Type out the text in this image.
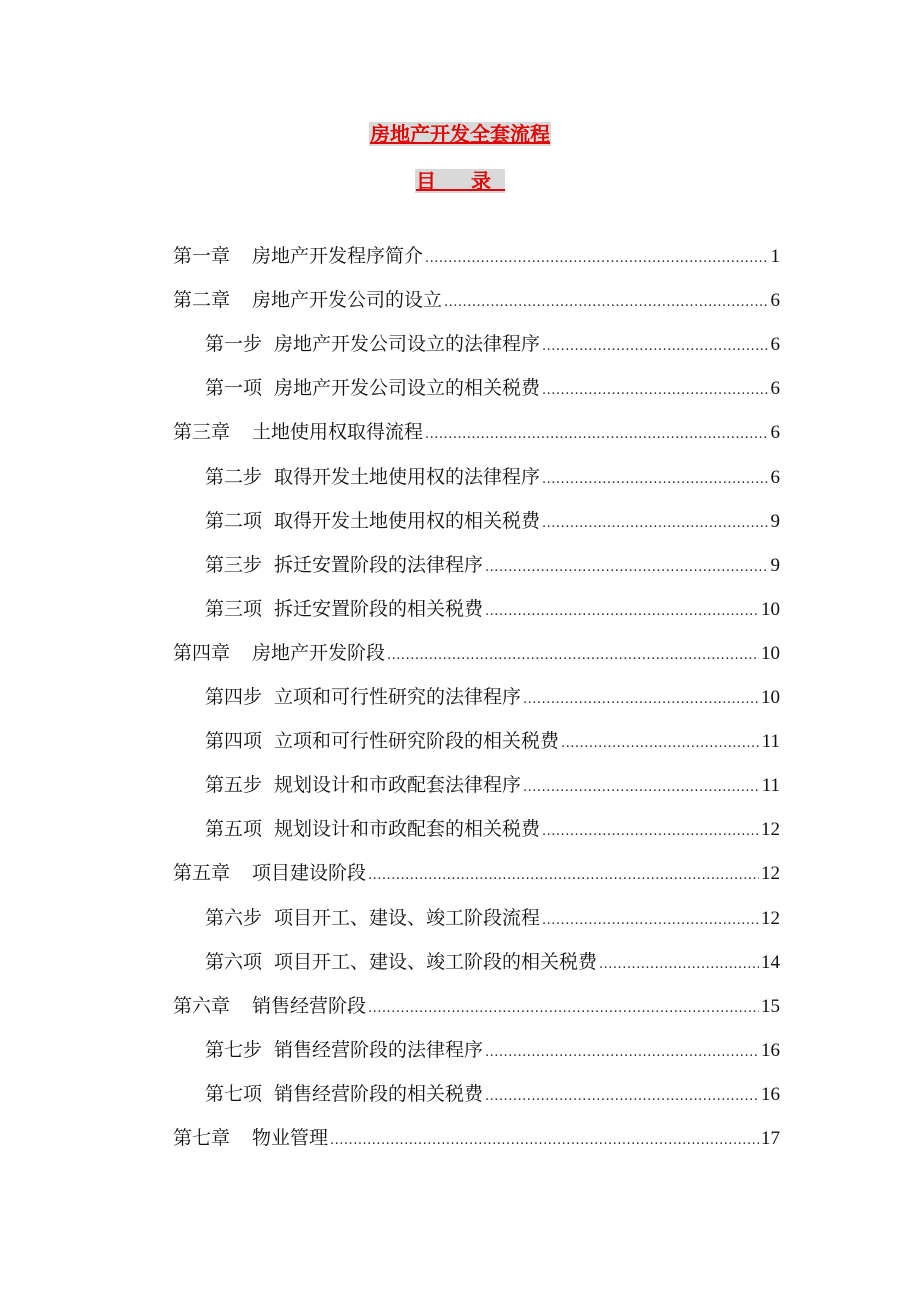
房地产开发全套流程
目 录
第一章 房地产开发程序简介 .....	1
第二章 房地产开发公司的设立 .....	6
第一步 房地产开发公司设立的法律程序 .....	6
第一项 房地产开发公司设立的相关税费 .....	6
第三章 土地使用权取得流程 .....	6
第二步 取得开发土地使用权的法律程序 .....	6
第二项 取得开发土地使用权的相关税费 .....	9
第三步 拆迁安置阶段的法律程序 .....	9
第三项 拆迁安置阶段的相关税费 .....	10
第四章 房地产开发阶段 .....	10
第四步 立项和可行性研究的法律程序 .....	10
第四项 立项和可行性研究阶段的相关税费 .....	11
第五步 规划设计和市政配套法律程序 .....	11
第五项 规划设计和市政配套的相关税费 .....	12
第五章 项目建设阶段 .....	12
第六步 项目开工、建设、竣工阶段流程 .....	12
第六项 项目开工、建设、竣工阶段的相关税费 .....	14
第六章 销售经营阶段 .....	15
第七步 销售经营阶段的法律程序 .....	16
第七项 销售经营阶段的相关税费 .....	16
第七章 物业管理 .....	17
